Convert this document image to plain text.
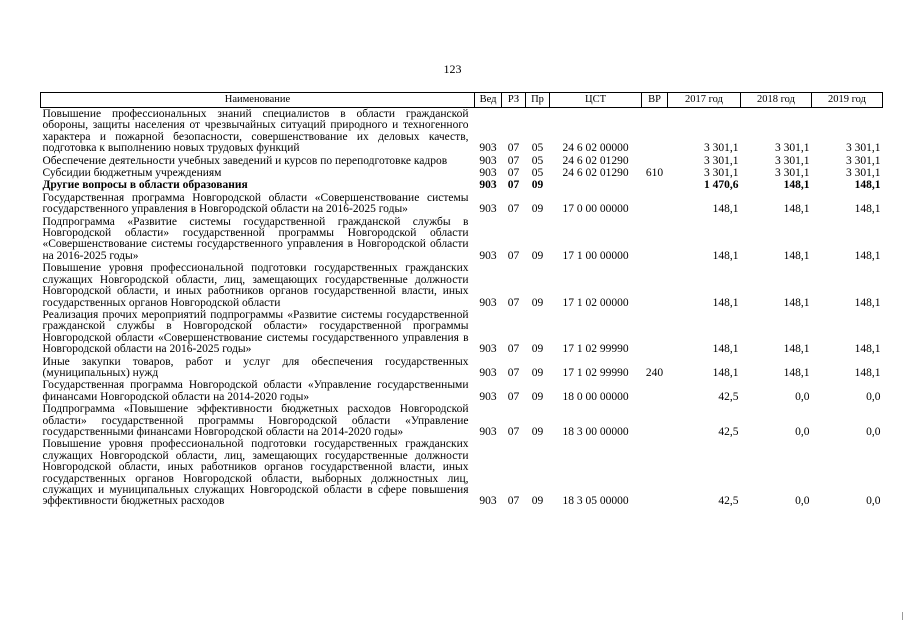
123
Наименование	Вед	РЗ	Пр	ЦСТ	ВР	2017 год	2018 год	2019 год
Повышение профессиональных знаний специалистов в области гражданской обороны, защиты населения от чрезвычайных ситуаций природного и техногенного характера и пожарной безопасности, совершенствование их деловых качеств, подготовка к выполнению новых трудовых функций	903	07	05	24 6 02 00000		3 301,1	3 301,1	3 301,1
Обеспечение деятельности учебных заведений и курсов по переподготовке кадров	903	07	05	24 6 02 01290		3 301,1	3 301,1	3 301,1
Субсидии бюджетным учреждениям	903	07	05	24 6 02 01290	610	3 301,1	3 301,1	3 301,1
Другие вопросы в области образования	903	07	09			1 470,6	148,1	148,1
Государственная программа Новгородской области «Совершенствование системы государственного управления в Новгородской области на 2016-2025 годы»	903	07	09	17 0 00 00000		148,1	148,1	148,1
Подпрограмма «Развитие системы государственной гражданской службы в Новгородской области» государственной программы Новгородской области «Совершенствование системы государственного управления в Новгородской области на 2016-2025 годы»	903	07	09	17 1 00 00000		148,1	148,1	148,1
Повышение уровня профессиональной подготовки государственных гражданских служащих Новгородской области, лиц, замещающих государственные должности Новгородской области, и иных работников органов государственной власти, иных государственных органов Новгородской области	903	07	09	17 1 02 00000		148,1	148,1	148,1
Реализация прочих мероприятий подпрограммы «Развитие системы государственной гражданской службы в Новгородской области» государственной программы Новгородской области «Совершенствование системы государственного управления в Новгородской области на 2016-2025 годы»	903	07	09	17 1 02 99990		148,1	148,1	148,1
Иные закупки товаров, работ и услуг для обеспечения государственных (муниципальных) нужд	903	07	09	17 1 02 99990	240	148,1	148,1	148,1
Государственная программа Новгородской области «Управление государственными финансами Новгородской области на 2014-2020 годы»	903	07	09	18 0 00 00000		42,5	0,0	0,0
Подпрограмма «Повышение эффективности бюджетных расходов Новгородской области» государственной программы Новгородской области «Управление государственными финансами Новгородской области на 2014-2020 годы»	903	07	09	18 3 00 00000		42,5	0,0	0,0
Повышение уровня профессиональной подготовки государственных гражданских служащих Новгородской области, лиц, замещающих государственные должности Новгородской области, иных работников органов государственной власти, иных государственных органов Новгородской области, выборных должностных лиц, служащих и муниципальных служащих Новгородской области в сфере повышения эффективности бюджетных расходов	903	07	09	18 3 05 00000		42,5	0,0	0,0
